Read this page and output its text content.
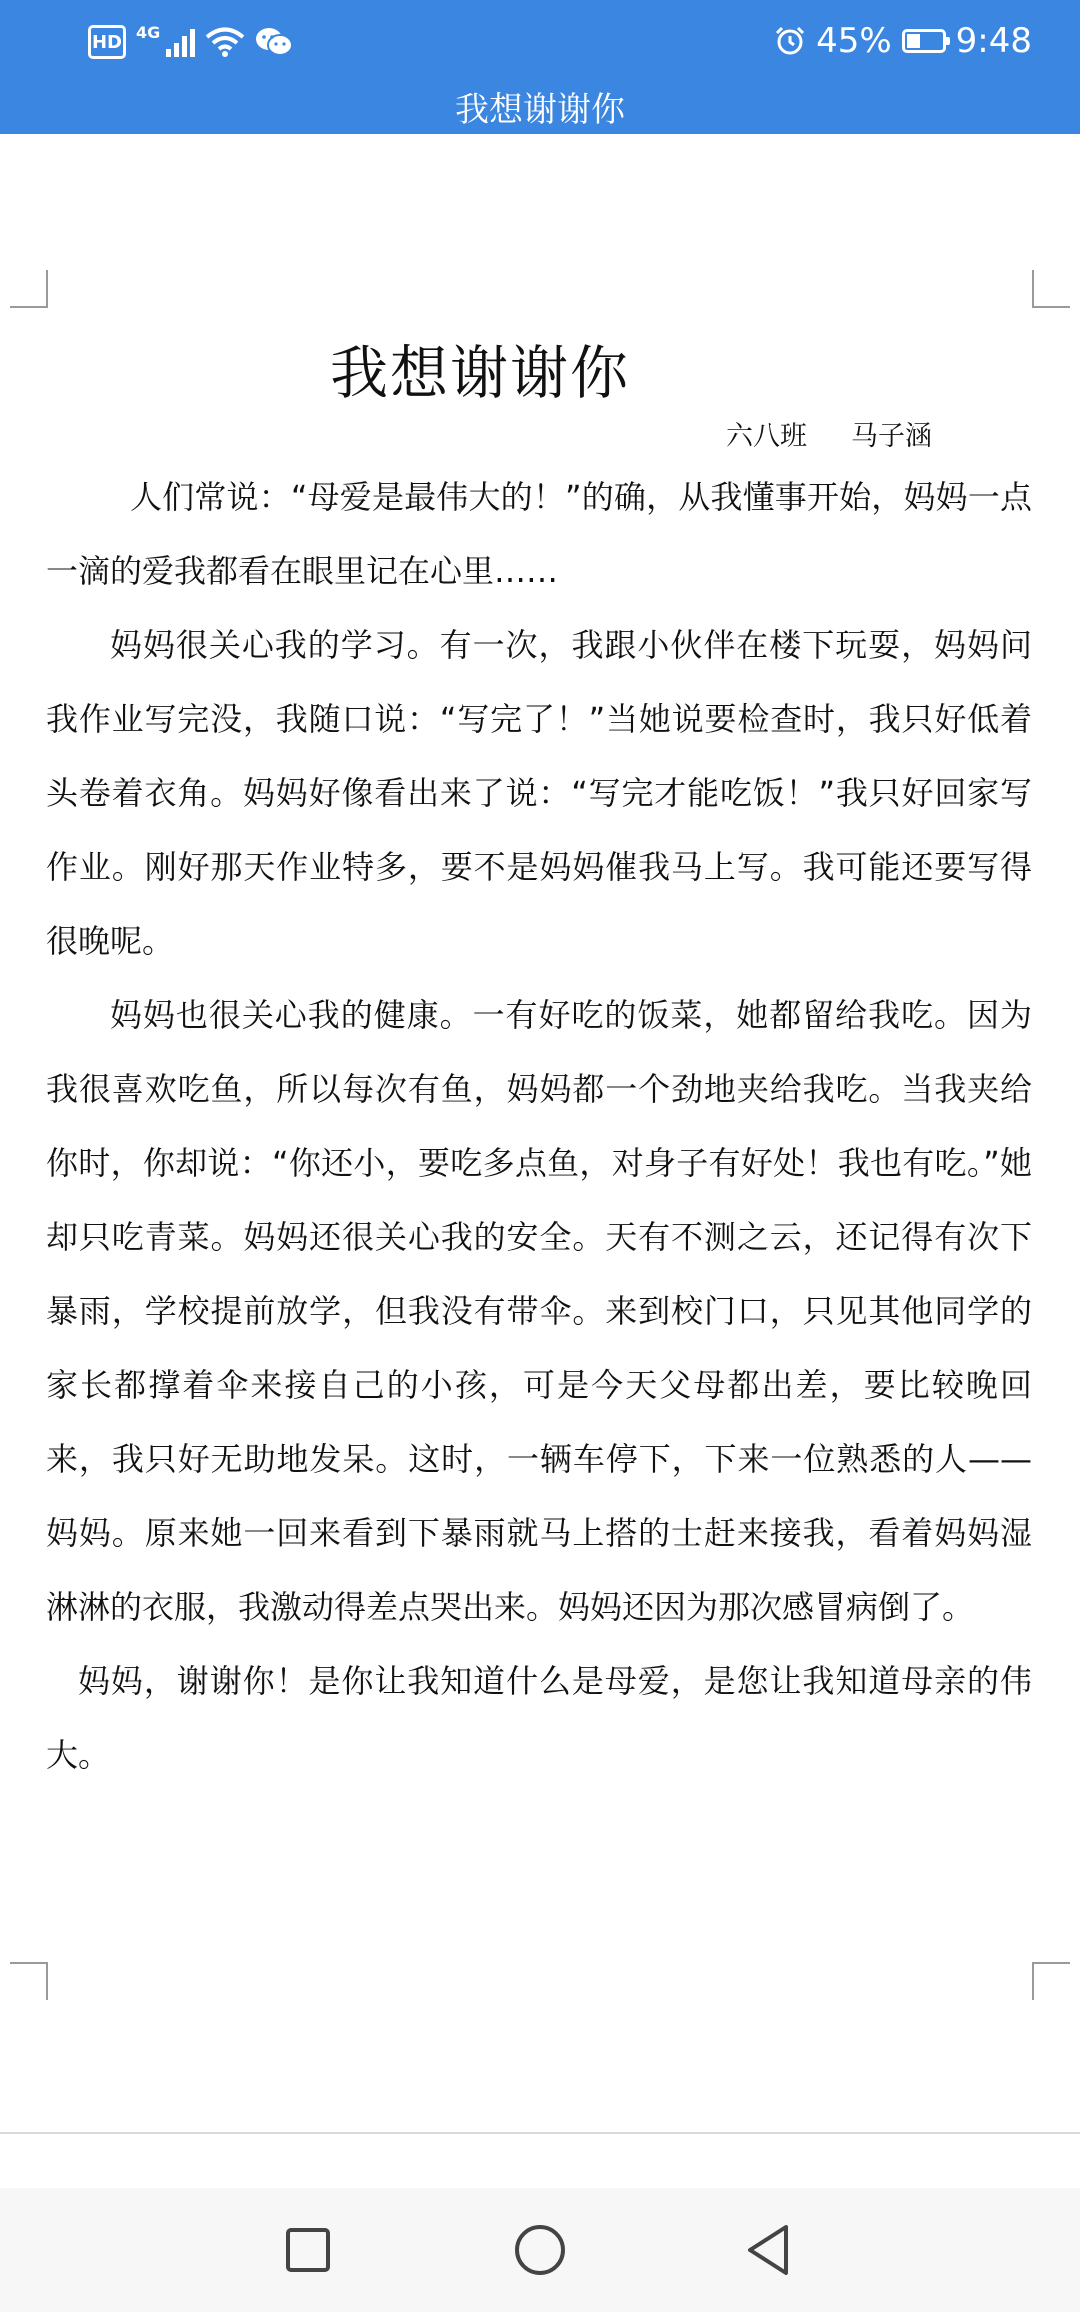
HD 4G	45% 9:48
我想谢谢你
我想谢谢你
六八班 马子涵

人们常说：“母爱是最伟大的！”的确，从我懂事开始，妈妈一点一滴的爱我都看在眼里记在心里……

妈妈很关心我的学习。有一次，我跟小伙伴在楼下玩耍，妈妈问我作业写完没，我随口说：“写完了！”当她说要检查时，我只好低着头卷着衣角。妈妈好像看出来了说：“写完才能吃饭！”我只好回家写作业。刚好那天作业特多，要不是妈妈催我马上写。我可能还要写得很晚呢。

妈妈也很关心我的健康。一有好吃的饭菜，她都留给我吃。因为我很喜欢吃鱼，所以每次有鱼，妈妈都一个劲地夹给我吃。当我夹给你时，你却说：“你还小，要吃多点鱼，对身子有好处！我也有吃。”她却只吃青菜。妈妈还很关心我的安全。天有不测之云，还记得有次下暴雨，学校提前放学，但我没有带伞。来到校门口，只见其他同学的家长都撑着伞来接自己的小孩，可是今天父母都出差，要比较晚回来，我只好无助地发呆。这时，一辆车停下，下来一位熟悉的人——妈妈。原来她一回来看到下暴雨就马上搭的士赶来接我，看着妈妈湿淋淋的衣服，我激动得差点哭出来。妈妈还因为那次感冒病倒了。

妈妈，谢谢你！是你让我知道什么是母爱，是您让我知道母亲的伟大。
